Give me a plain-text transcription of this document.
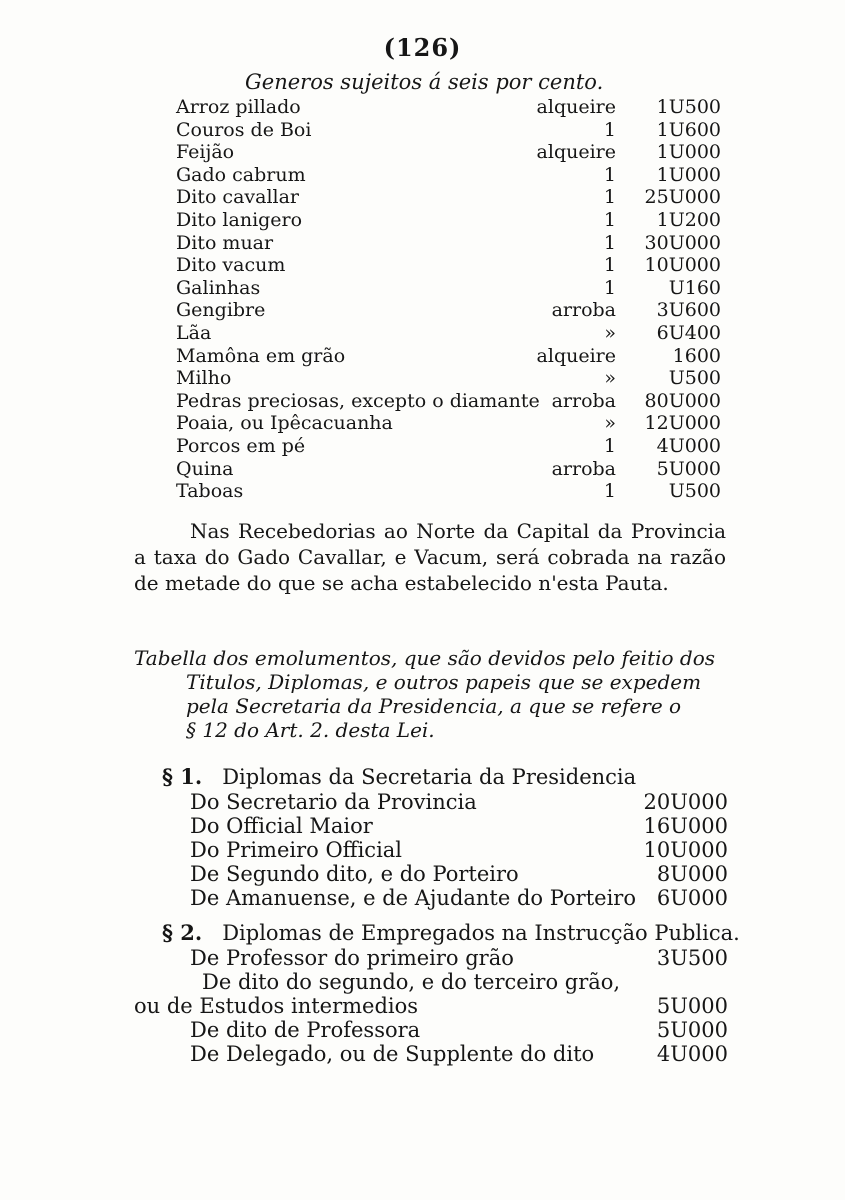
(126)
Generos sujeitos á seis por cento.
Arroz pillado	alqueire 1U500
Couros de Boi	1 1U600
Feijão	alqueire 1U000
Gado cabrum	1 1U000
Dito cavallar	1 25U000
Dito lanigero	1 1U200
Dito muar	1 30U000
Dito vacum	1 10U000
Galinhas	1	U160
Gengibre	arroba 3U600
Lãa	» 6U400
Mamôna em grão	alqueire	1600
Milho	»	U500
Pedras preciosas, excepto o diamante arroba 80U000
Poaia, ou Ipêcacuanha	» 12U000
Porcos em pé	1 4U000
Quina	arroba 5U000
Taboas	1	U500
Nas Recebedorias ao Norte da Capital da Provincia a taxa do Gado Cavallar, e Vacum, será cobrada na razão de metade do que se acha estabelecido n'esta Pauta.
Tabella dos emolumentos, que são devidos pelo feitio dos
Titulos, Diplomas, e outros papeis que se expedem
pela Secretaria da Presidencia, a que se refere o
§ 12 do Art. 2. desta Lei.
§ 1. Diplomas da Secretaria da Presidencia
Do Secretario da Provincia	20U000
Do Official Maior	16U000
Do Primeiro Official	10U000
De Segundo dito, e do Porteiro	8U000
De Amanuense, e de Ajudante do Porteiro 6U000
§ 2. Diplomas de Empregados na Instrucção Publica.
De Professor do primeiro grão	3U500
De dito do segundo, e do terceiro grão,
ou de Estudos intermedios	5U000
De dito de Professora	5U000
De Delegado, ou de Supplente do dito	4U000
